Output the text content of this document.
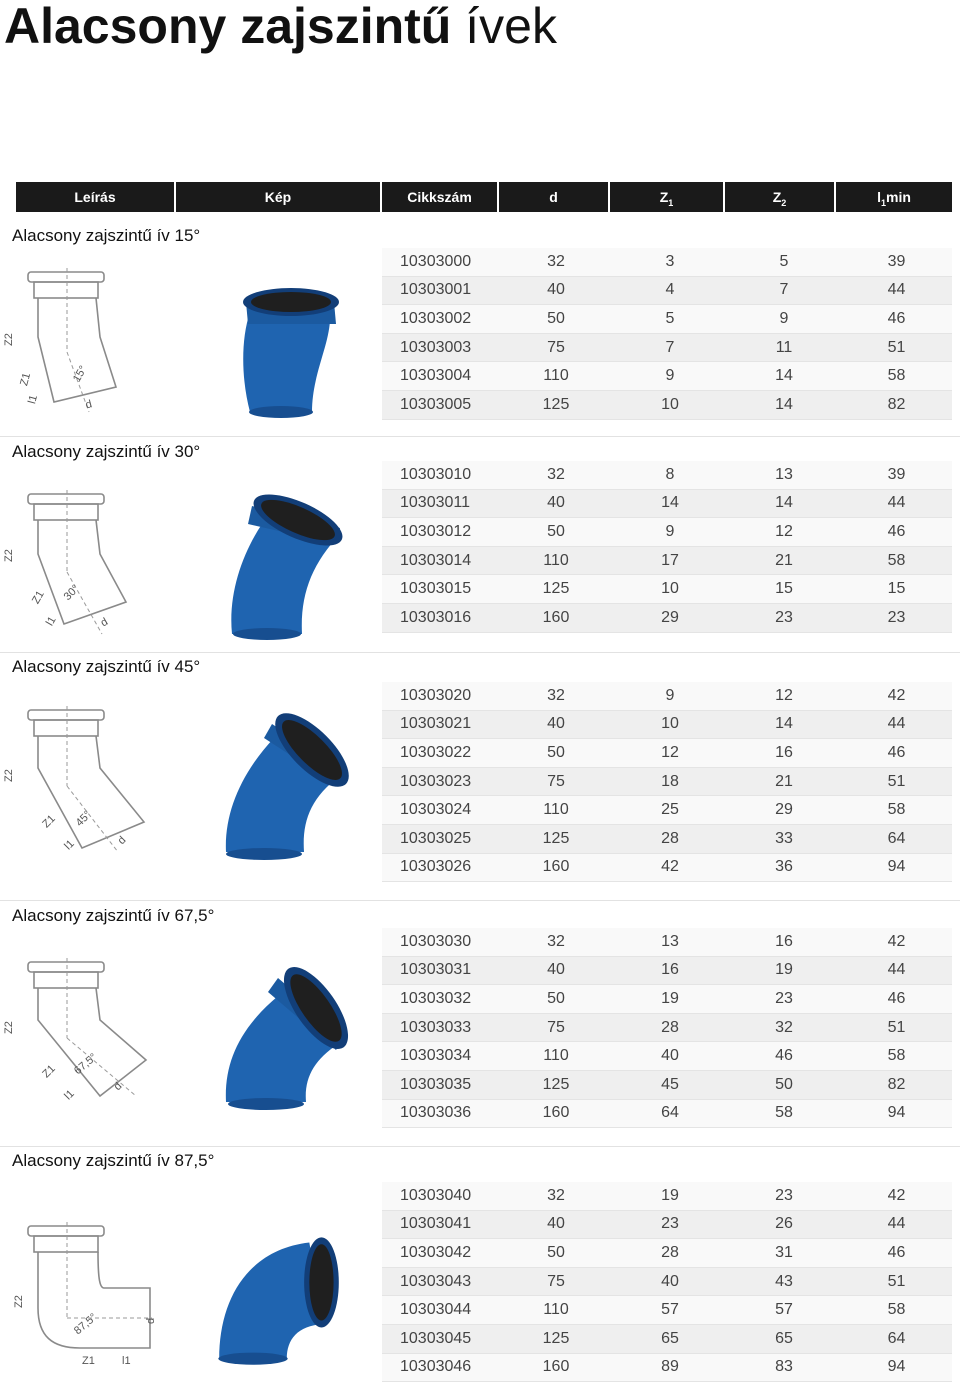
Alacsony zajszintű ívek
Leírás	Kép	Cikkszám	d	$Z_1$	$Z_2$	$l_1\min$
Alacsony zajszintű ív 15°
Z2
Z1
l1	d
15°
10303000	32	3	5	39
10303001	40	4	7	44
10303002	50	5	9	46
10303003	75	7	11	51
10303004	110	9	14	58
10303005	125	10	14	82
Alacsony zajszintű ív 30°
Z2
Z1
l1	d
30°
10303010	32	8	13	39
10303011	40	14	14	44
10303012	50	9	12	46
10303014	110	17	21	58
10303015	125	10	15	15
10303016	160	29	23	23
Alacsony zajszintű ív 45°
Z2
Z1
l1	d
45°
10303020	32	9	12	42
10303021	40	10	14	44
10303022	50	12	16	46
10303023	75	18	21	51
10303024	110	25	29	58
10303025	125	28	33	64
10303026	160	42	36	94
Alacsony zajszintű ív 67,5°
Z2
Z1
l1
d
67,5°
10303030	32	13	16	42
10303031	40	16	19	44
10303032	50	19	23	46
10303033	75	28	32	51
10303034	110	40	46	58
10303035	125	45	50	82
10303036	160	64	58	94
Alacsony zajszintű ív 87,5°
Z2
Z1 l1
d
87,5°
10303040	32	19	23	42
10303041	40	23	26	44
10303042	50	28	31	46
10303043	75	40	43	51
10303044	110	57	57	58
10303045	125	65	65	64
10303046	160	89	83	94
